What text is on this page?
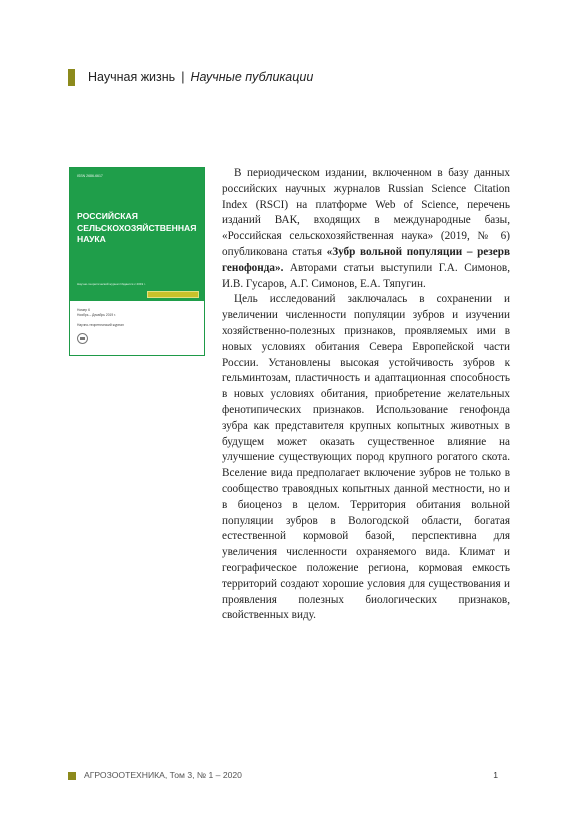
Научная жизнь | Научные публикации
ISSN 2686-6617
РОССИЙСКАЯ
СЕЛЬСКОХОЗЯЙСТВЕННАЯ
НАУКА
Научно-теоретический журнал Издается с 2019 г.
Номер 6
Ноябрь – Декабрь 2019 г.
Научно-теоретический журнал

В периодическом издании, включенном в базу данных российских научных журналов Russian Science Citation Index (RSCI) на платформе Web of Science, перечень изданий ВАК, входящих в международные базы, «Российская сельскохозяйственная наука» (2019, № 6) опубликована статья «Зубр вольной популяции – резерв генофонда». Авторами статьи выступили Г.А. Симонов, И.В. Гусаров, А.Г. Симонов, Е.А. Тяпугин.

Цель исследований заключалась в сохранении и увеличении численности популяции зубров и изучении хозяйственно-полезных признаков, проявляемых ими в новых условиях обитания Севера Европейской части России. Установлены высокая устойчивость зубров к гельминтозам, пластичность и адаптационная способность в новых условиях обитания, приобретение желательных фенотипических признаков. Использование генофонда зубра как представителя крупных копытных животных в будущем может оказать существенное влияние на улучшение существующих пород крупного рогатого скота. Вселение вида предполагает включение зубров не только в сообщество травоядных копытных данной местности, но и в биоценоз в целом. Территория обитания вольной популяции зубров в Вологодской области, богатая естественной кормовой базой, перспективна для увеличения численности охраняемого вида. Климат и географическое положение региона, кормовая емкость территорий создают хорошие условия для существования и проявления полезных биологических признаков, свойственных виду.

АГРОЗООТЕХНИКА, Том 3, № 1 – 2020	1
